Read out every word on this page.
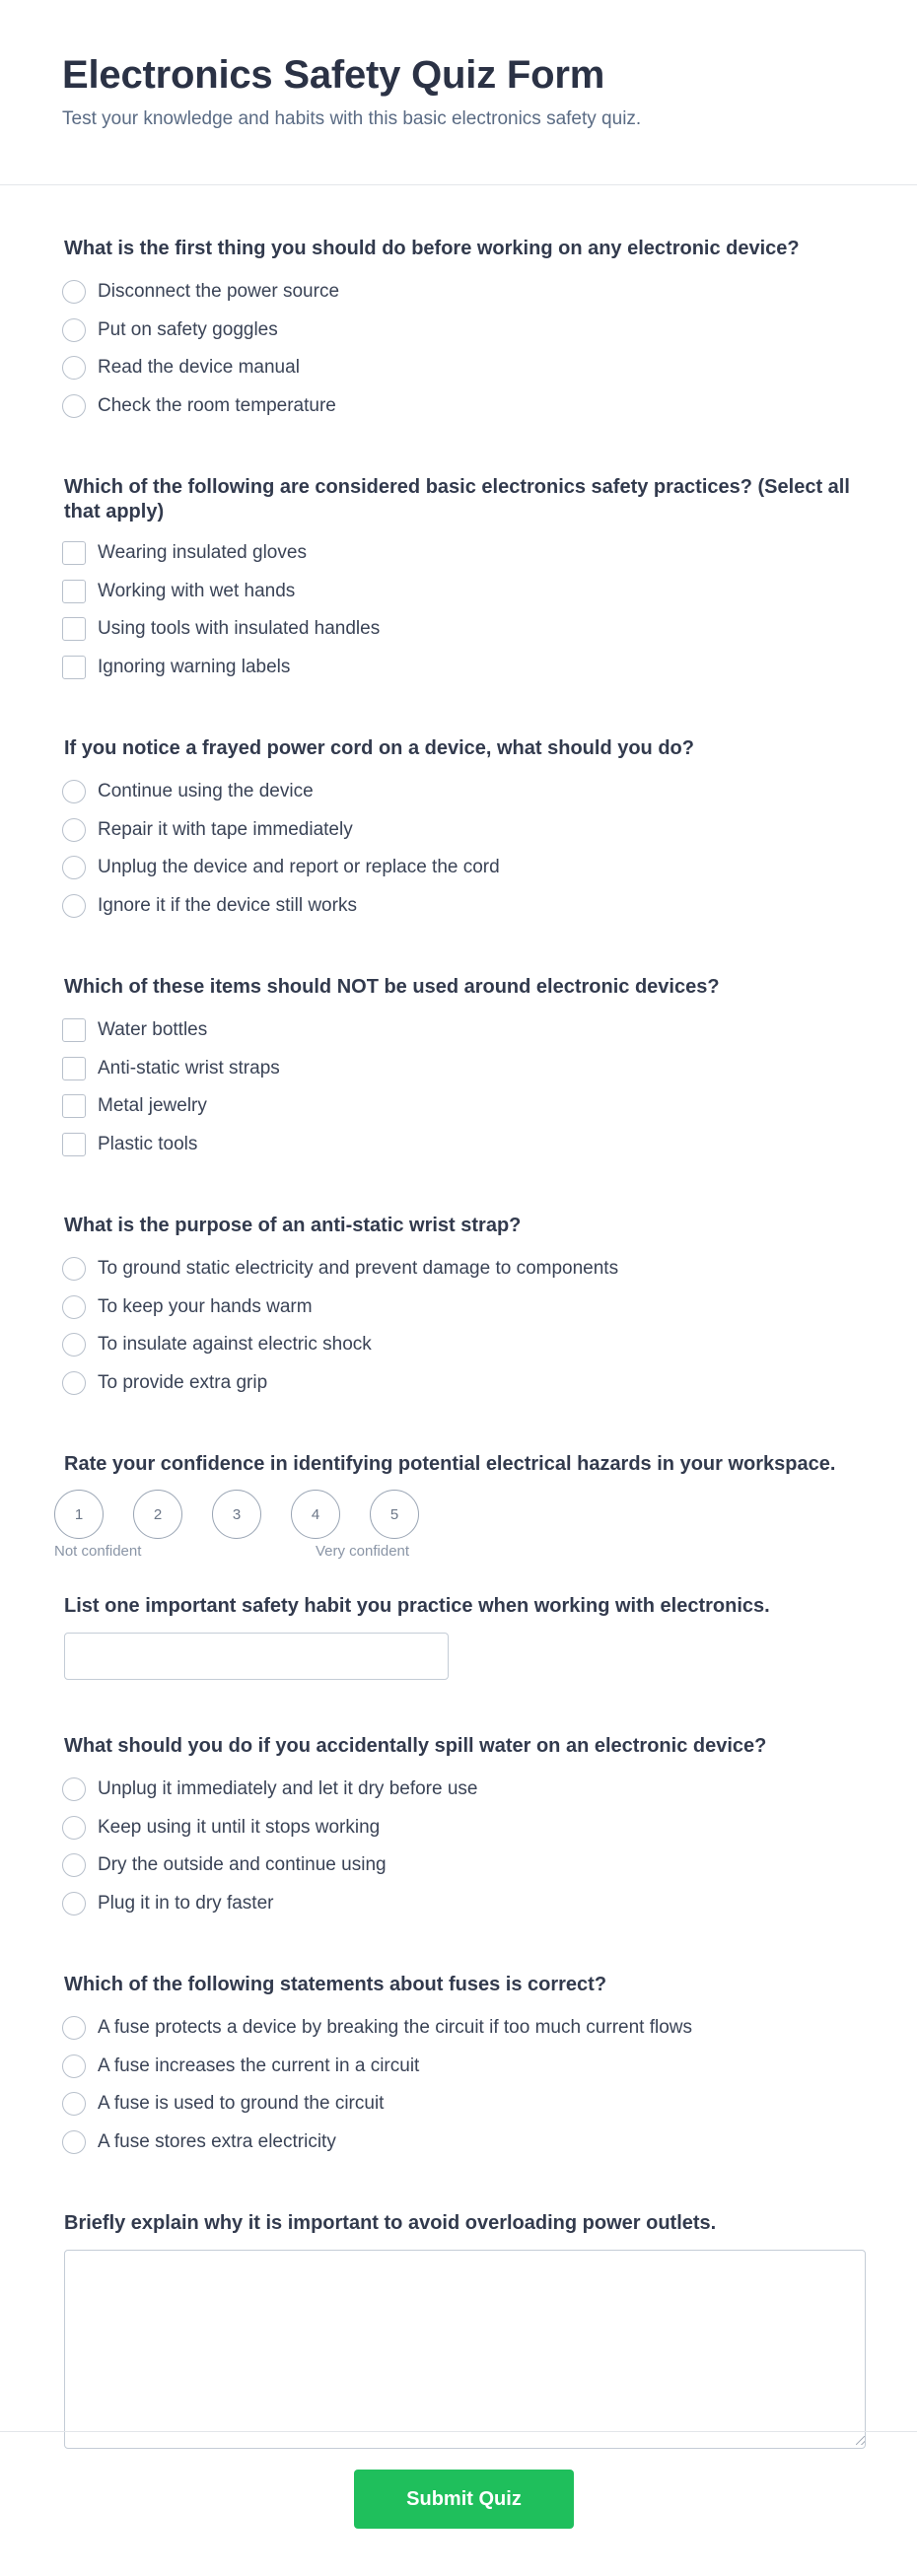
Electronics Safety Quiz Form

Test your knowledge and habits with this basic electronics safety quiz.

What is the first thing you should do before working on any electronic device?
Disconnect the power source
Put on safety goggles
Read the device manual
Check the room temperature
Which of the following are considered basic electronics safety practices? (Select all that apply)
Wearing insulated gloves
Working with wet hands
Using tools with insulated handles
Ignoring warning labels
If you notice a frayed power cord on a device, what should you do?
Continue using the device
Repair it with tape immediately
Unplug the device and report or replace the cord
Ignore it if the device still works
Which of these items should NOT be used around electronic devices?
Water bottles
Anti-static wrist straps
Metal jewelry
Plastic tools
What is the purpose of an anti-static wrist strap?
To ground static electricity and prevent damage to components
To keep your hands warm
To insulate against electric shock
To provide extra grip
Rate your confidence in identifying potential electrical hazards in your workspace.
1	2	3	4	5
Not confident	Very confident
List one important safety habit you practice when working with electronics.
What should you do if you accidentally spill water on an electronic device?
Unplug it immediately and let it dry before use
Keep using it until it stops working
Dry the outside and continue using
Plug it in to dry faster
Which of the following statements about fuses is correct?
A fuse protects a device by breaking the circuit if too much current flows
A fuse increases the current in a circuit
A fuse is used to ground the circuit
A fuse stores extra electricity
Briefly explain why it is important to avoid overloading power outlets.
Submit Quiz
